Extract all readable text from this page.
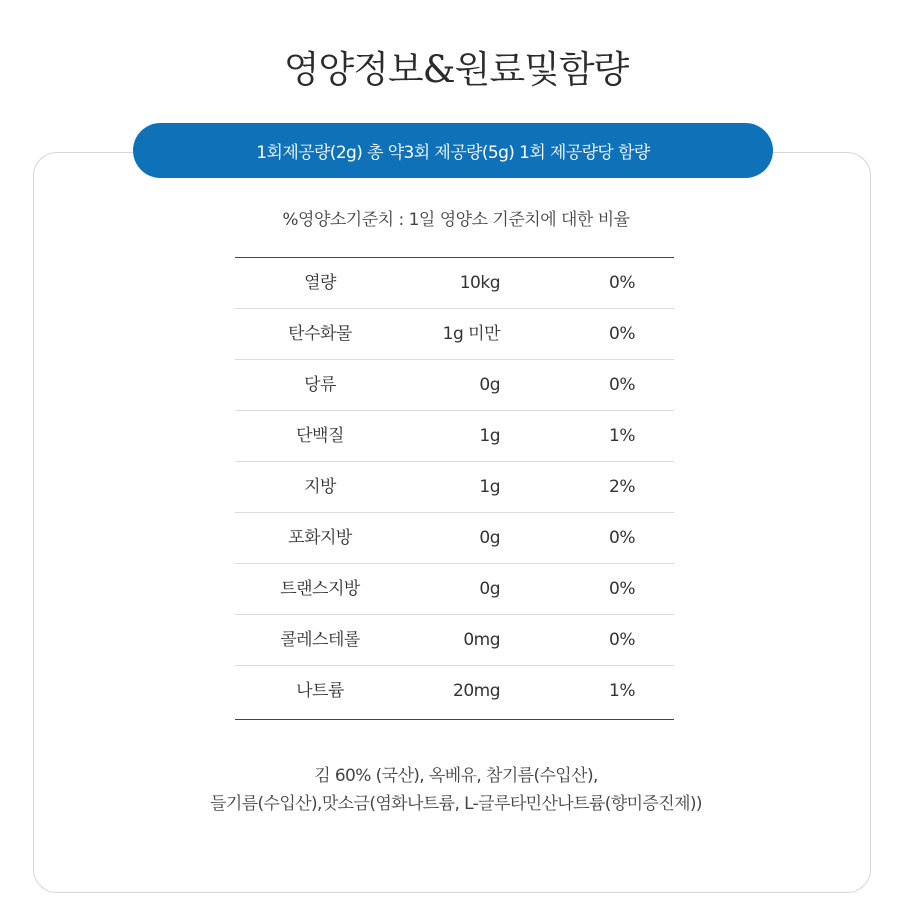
영양정보&원료및함량
1회제공량(2g) 총 약3회 제공량(5g) 1회 제공량당 함량
%영양소기준치 : 1일 영양소 기준치에 대한 비율
열량	10kg	0%
탄수화물	1g 미만	0%
당류	0g	0%
단백질	1g	1%
지방	1g	2%
포화지방	0g	0%
트랜스지방	0g	0%
콜레스테롤	0mg	0%
나트륨	20mg	1%
김 60% (국산), 옥베유, 참기름(수입산),
들기름(수입산),맛소금(염화나트륨, L-글루타민산나트륨(향미증진제))
